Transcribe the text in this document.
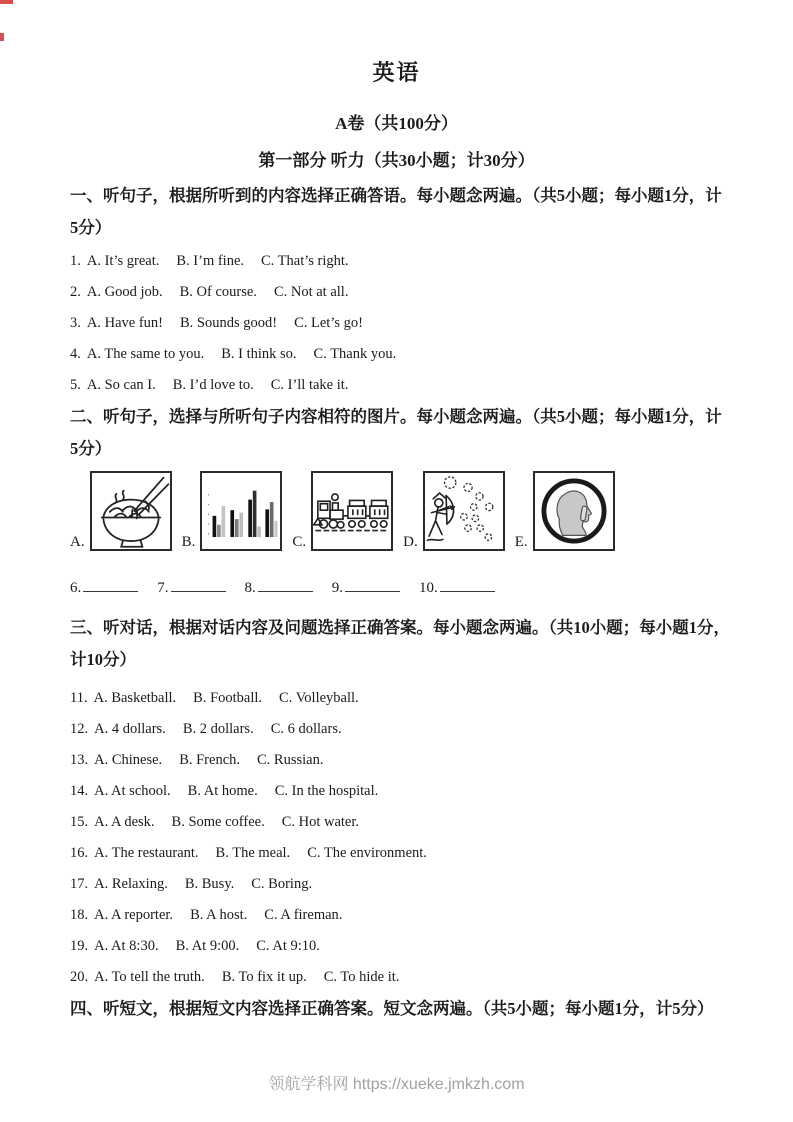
英语
A卷（共100分）
第一部分 听力（共30小题；计30分）
一、听句子，根据所听到的内容选择正确答语。每小题念两遍。（共5小题；每小题1分，计
5分）
1. A. It’s great. B. I’m fine. C. That’s right.
2. A. Good job. B. Of course. C. Not at all.
3. A. Have fun! B. Sounds good! C. Let’s go!
4. A. The same to you. B. I think so. C. Thank you.
5. A. So can I. B. I’d love to. C. I’ll take it.
二、听句子，选择与所听句子内容相符的图片。每小题念两遍。（共5小题；每小题1分，计
5分）
A.	B.	C.	D.	E.
6.	7.	8.	9.	10.
三、听对话，根据对话内容及问题选择正确答案。每小题念两遍。（共10小题；每小题1分，
计10分）
11. A. Basketball. B. Football. C. Volleyball.
12. A. 4 dollars. B. 2 dollars. C. 6 dollars.
13. A. Chinese. B. French. C. Russian.
14. A. At school. B. At home. C. In the hospital.
15. A. A desk. B. Some coffee. C. Hot water.
16. A. The restaurant. B. The meal. C. The environment.
17. A. Relaxing. B. Busy. C. Boring.
18. A. A reporter. B. A host. C. A fireman.
19. A. At 8:30. B. At 9:00. C. At 9:10.
20. A. To tell the truth. B. To fix it up. C. To hide it.
四、听短文，根据短文内容选择正确答案。短文念两遍。（共5小题；每小题1分，计5分）
领航学科网 https://xueke.jmkzh.com
